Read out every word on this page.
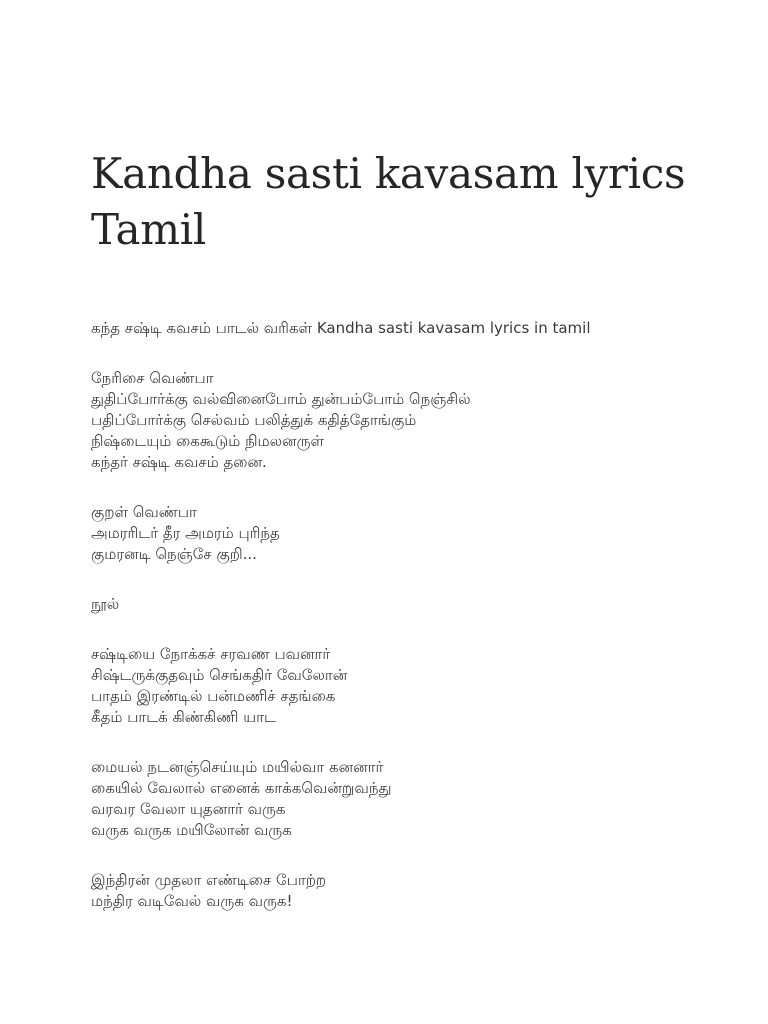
Kandha sasti kavasam lyrics Tamil

கந்த சஷ்டி கவசம் பாடல் வரிகள் Kandha sasti kavasam lyrics in tamil

நேரிசை வெண்பா
துதிப்போர்க்கு வல்வினைபோம் துன்பம்போம் நெஞ்சில்
பதிப்போர்க்கு செல்வம் பலித்துக் கதித்தோங்கும்
நிஷ்டையும் கைகூடும் நிமலனருள்
கந்தர் சஷ்டி கவசம் தனை.

குறள் வெண்பா
அமரரிடர் தீர அமரம் புரிந்த
குமரனடி நெஞ்சே குறி...

நூல்

சஷ்டியை நோக்கச் சரவண பவனார்
சிஷ்டருக்குதவும் செங்கதிர் வேலோன்
பாதம் இரண்டில் பன்மணிச் சதங்கை
கீதம் பாடக் கிண்கிணி யாட

மையல் நடனஞ்செய்யும் மயில்வா கனனார்
கையில் வேலால் எனைக் காக்கவென்றுவந்து
வரவர வேலா யுதனார் வருக
வருக வருக மயிலோன் வருக

இந்திரன் முதலா எண்டிசை போற்ற
மந்திர வடிவேல் வருக வருக!
